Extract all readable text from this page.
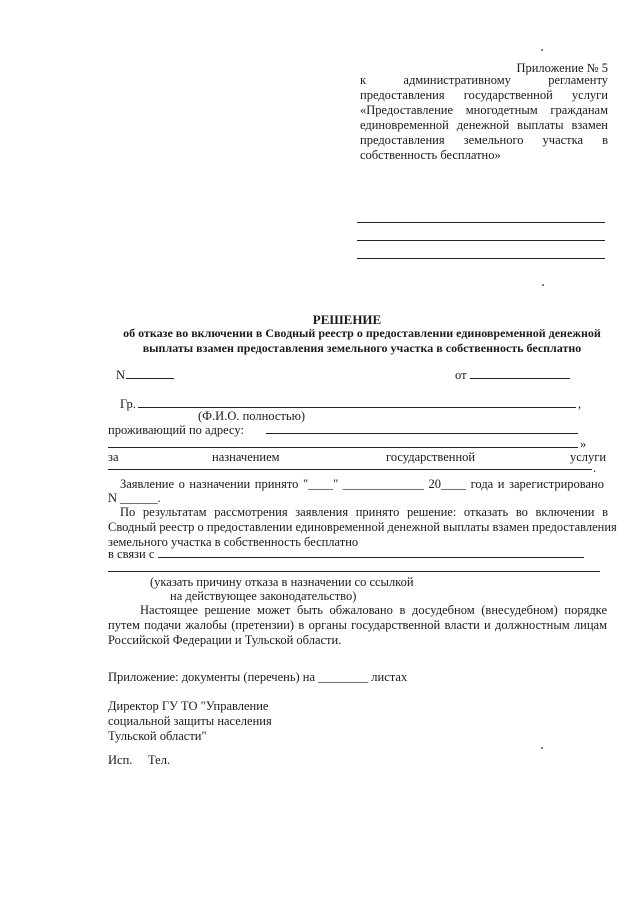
Приложение № 5
к административному регламенту
предоставления государственной услуги
«Предоставление многодетным гражданам
единовременной денежной выплаты взамен
предоставления земельного участка в
собственность бесплатно»
РЕШЕНИЕ
об отказе во включении в Сводный реестр о предоставлении единовременной денежной
выплаты взамен предоставления земельного участка в собственность бесплатно
N	от
Гр.	,
(Ф.И.О. полностью)
проживающий по адресу:
»
за	назначением	государственной	услуги
.
Заявление о назначении принято "____" _____________ 20____ года и зарегистрировано
N ______.
По результатам рассмотрения заявления принято решение: отказать во включении в
Сводный реестр о предоставлении единовременной денежной выплаты взамен предоставления
земельного участка в собственность бесплатно
в связи с
(указать причину отказа в назначении со ссылкой
на действующее законодательство)
Настоящее решение может быть обжаловано в досудебном (внесудебном) порядке
путем подачи жалобы (претензии) в органы государственной власти и должностным лицам
Российской Федерации и Тульской области.
Приложение: документы (перечень) на ________ листах
Директор ГУ ТО "Управление
социальной защиты населения
Тульской области"
Исп. Тел.
